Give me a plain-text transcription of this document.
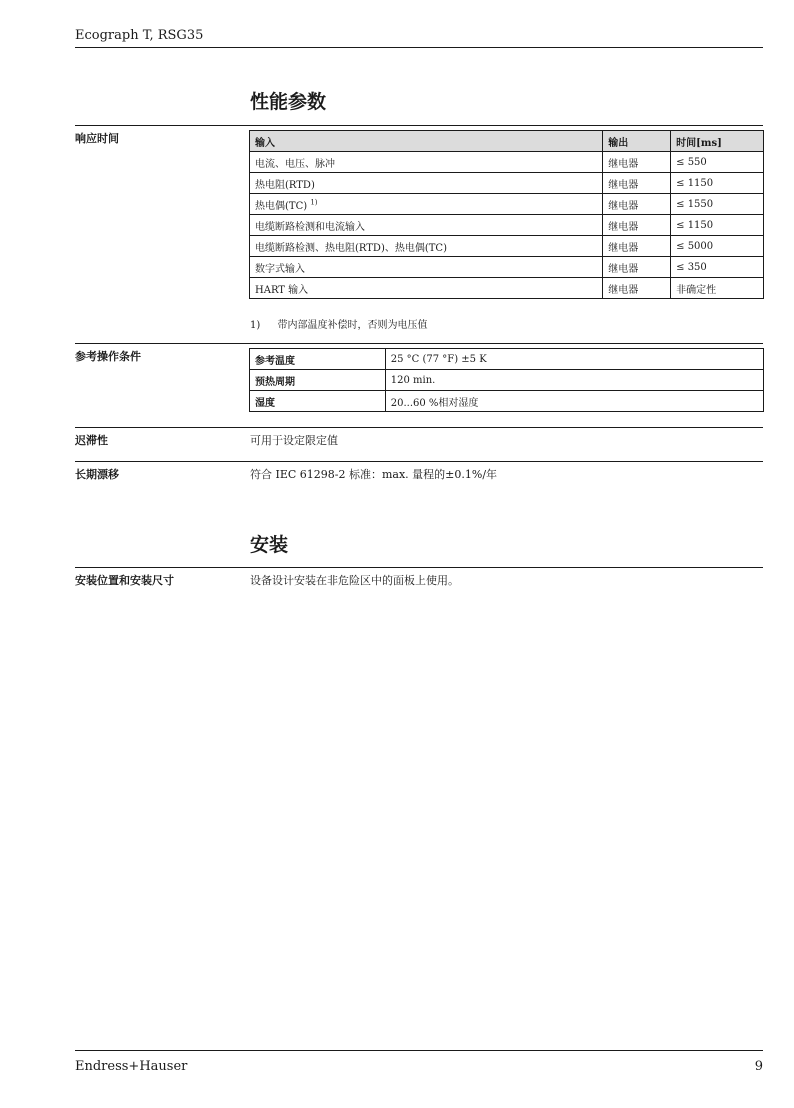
Ecograph T, RSG35
性能参数
响应时间	输入	输出	时间[ms]
电流、电压、脉冲	继电器	≤ 550
热电阻(RTD)	继电器	≤ 1150
热电偶(TC) $^{1)}$	继电器	≤ 1550
电缆断路检测和电流输入	继电器	≤ 1150
电缆断路检测、热电阻(RTD)、热电偶(TC)	继电器	≤ 5000
数字式输入	继电器	≤ 350
HART 输入	继电器	非确定性
1) 带内部温度补偿时，否则为电压值
参考操作条件	参考温度	25 °C (77 °F) ±5 K
预热周期	120 min.
湿度	20...60 %相对湿度
迟滞性	可用于设定限定值
长期漂移	符合 IEC 61298-2 标准：max. 量程的±0.1%/年
安装
安装位置和安装尺寸	设备设计安装在非危险区中的面板上使用。
Endress+Hauser	9
